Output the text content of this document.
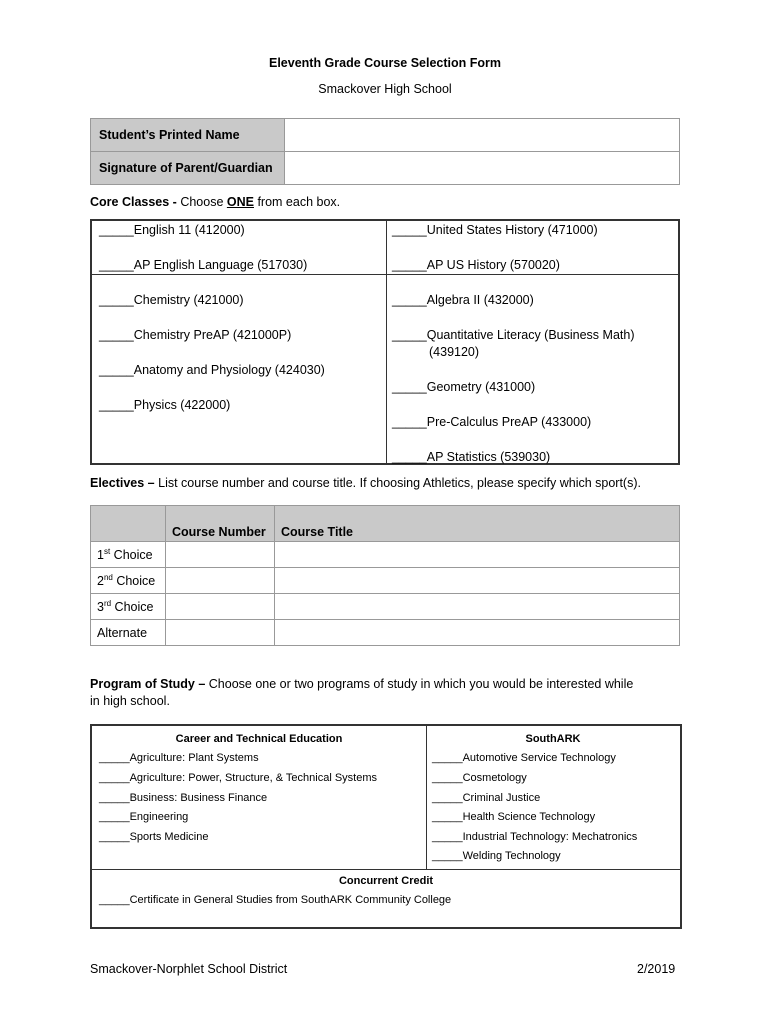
Eleventh Grade Course Selection Form
Smackover High School
Student’s Printed Name	
Signature of Parent/Guardian	
Core Classes - Choose ONE from each box.
_____English 11 (412000)
_____AP English Language (517030)
_____United States History (471000)
_____AP US History (570020)
_____Chemistry (421000)
_____Chemistry PreAP (421000P)
_____Anatomy and Physiology (424030)
_____Physics (422000)
_____Algebra II (432000)
_____Quantitative Literacy (Business Math)
(439120)
_____Geometry (431000)
_____Pre-Calculus PreAP (433000)
_____AP Statistics (539030)
Electives – List course number and course title. If choosing Athletics, please specify which sport(s).
	Course Number	Course Title
1st Choice		
2nd Choice		
3rd Choice		
Alternate		
Program of Study – Choose one or two programs of study in which you would be interested while
in high school.
Career and Technical Education
_____Agriculture: Plant Systems
_____Agriculture: Power, Structure, & Technical Systems
_____Business: Business Finance
_____Engineering
_____Sports Medicine
SouthARK
_____Automotive Service Technology
_____Cosmetology
_____Criminal Justice
_____Health Science Technology
_____Industrial Technology: Mechatronics
_____Welding Technology
Concurrent Credit
_____Certificate in General Studies from SouthARK Community College
Smackover-Norphlet School District	2/2019
